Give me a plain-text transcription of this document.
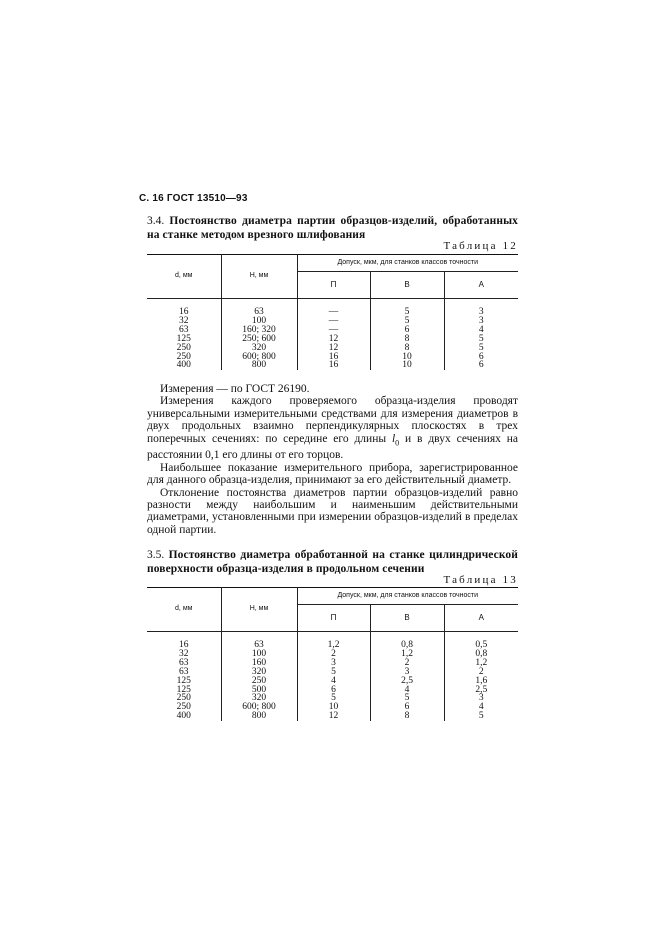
С. 16 ГОСТ 13510—93
3.4. Постоянство диаметра партии образцов-изделий, обработанных на станке методом врезного шлифования
Таблица 12
d, мм	H, мм	Допуск, мкм, для станков классов точности		
		П	В	А
16	63	—	5	3
32	100	—	5	3
63	160; 320	—	6	4
125	250; 600	12	8	5
250	320	12	8	5
250	600; 800	16	10	6
400	800	16	10	6

Измерения — по ГОСТ 26190.

Измерения каждого проверяемого образца-изделия проводят универсальными измерительными средствами для измерения диаметров в двух продольных взаимно перпендикулярных плоскостях в трех поперечных сечениях: по середине его длины $l_0$ и в двух сечениях на расстоянии 0,1 его длины от его торцов.

Наибольшее показание измерительного прибора, зарегистрированное для данного образца-изделия, принимают за его действительный диаметр.

Отклонение постоянства диаметров партии образцов-изделий равно разности между наибольшим и наименьшим действительными диаметрами, установленными при измерении образцов-изделий в пределах одной партии.

3.5. Постоянство диаметра обработанной на станке цилиндрической поверхности образца-изделия в продольном сечении
Таблица 13
d, мм	H, мм	Допуск, мкм, для станков классов точности		
		П	В	А
16	63	1,2	0,8	0,5
32	100	2	1,2	0,8
63	160	3	2	1,2
63	320	5	3	2
125	250	4	2,5	1,6
125	500	6	4	2,5
250	320	5	5	3
250	600; 800	10	6	4
400	800	12	8	5
